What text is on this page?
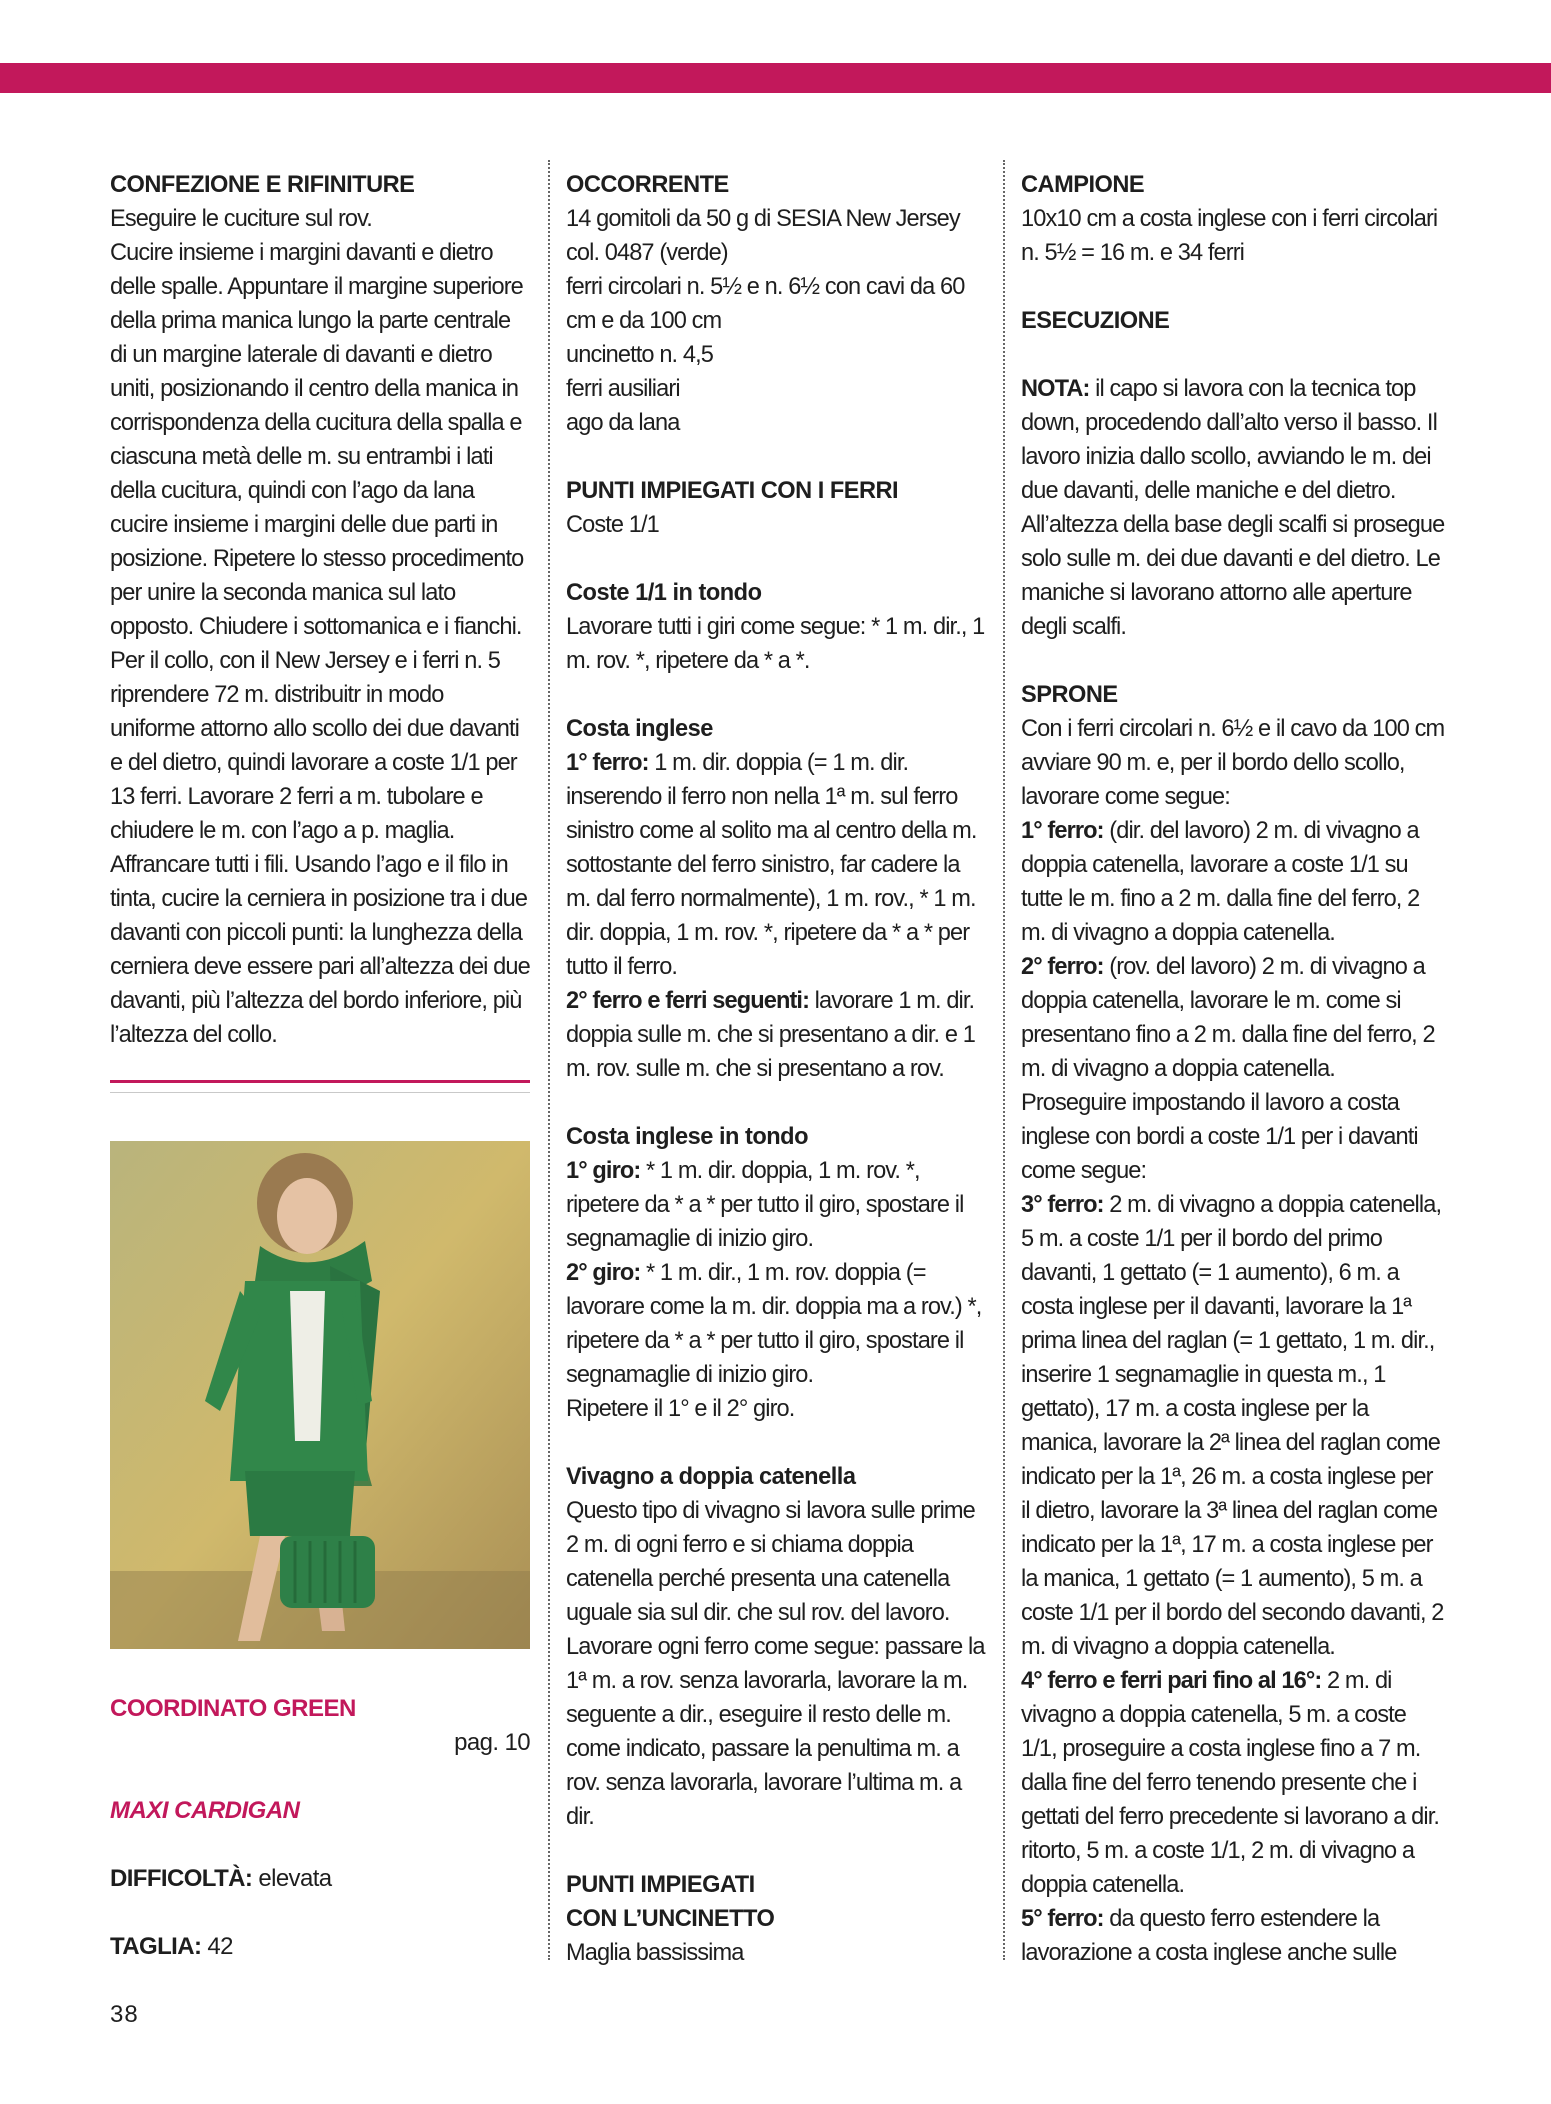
CONFEZIONE E RIFINITURE
Eseguire le cuciture sul rov.
Cucire insieme i margini davanti e dietro delle spalle. Appuntare il margine superiore della prima manica lungo la parte centrale di un margine laterale di davanti e dietro uniti, posizionando il centro della manica in corrispondenza della cucitura della spalla e ciascuna metà delle m. su entrambi i lati della cucitura, quindi con l’ago da lana cucire insieme i margini delle due parti in posizione. Ripetere lo stesso procedimento per unire la seconda manica sul lato opposto. Chiudere i sottomanica e i fianchi. Per il collo, con il New Jersey e i ferri n. 5 riprendere 72 m. distribuitr in modo uniforme attorno allo scollo dei due davanti e del dietro, quindi lavorare a coste 1/1 per 13 ferri. Lavorare 2 ferri a m. tubolare e chiudere le m. con l’ago a p. maglia. Affrancare tutti i fili. Usando l’ago e il filo in tinta, cucire la cerniera in posizione tra i due davanti con piccoli punti: la lunghezza della cerniera deve essere pari all’altezza dei due davanti, più l’altezza del bordo inferiore, più l’altezza del collo.
COORDINATO GREEN
pag. 10
MAXI CARDIGAN
DIFFICOLTÀ: elevata
TAGLIA: 42
OCCORRENTE
14 gomitoli da 50 g di SESIA New Jersey col. 0487 (verde)
ferri circolari n. 5½ e n. 6½ con cavi da 60 cm e da 100 cm
uncinetto n. 4,5
ferri ausiliari
ago da lana
PUNTI IMPIEGATI CON I FERRI
Coste 1/1
Coste 1/1 in tondo
Lavorare tutti i giri come segue: * 1 m. dir., 1 m. rov. *, ripetere da * a *.
Costa inglese
1° ferro: 1 m. dir. doppia (= 1 m. dir. inserendo il ferro non nella 1ª m. sul ferro sinistro come al solito ma al centro della m. sottostante del ferro sinistro, far cadere la m. dal ferro normalmente), 1 m. rov., * 1 m. dir. doppia, 1 m. rov. *, ripetere da * a * per tutto il ferro.
2° ferro e ferri seguenti: lavorare 1 m. dir. doppia sulle m. che si presentano a dir. e 1 m. rov. sulle m. che si presentano a rov.
Costa inglese in tondo
1° giro: * 1 m. dir. doppia, 1 m. rov. *, ripetere da * a * per tutto il giro, spostare il segnamaglie di inizio giro.
2° giro: * 1 m. dir., 1 m. rov. doppia (= lavorare come la m. dir. doppia ma a rov.) *, ripetere da * a * per tutto il giro, spostare il segnamaglie di inizio giro.
Ripetere il 1° e il 2° giro.
Vivagno a doppia catenella
Questo tipo di vivagno si lavora sulle prime 2 m. di ogni ferro e si chiama doppia catenella perché presenta una catenella uguale sia sul dir. che sul rov. del lavoro. Lavorare ogni ferro come segue: passare la 1ª m. a rov. senza lavorarla, lavorare la m. seguente a dir., eseguire il resto delle m. come indicato, passare la penultima m. a rov. senza lavorarla, lavorare l’ultima m. a dir.
PUNTI IMPIEGATI
CON L’UNCINETTO
Maglia bassissima
CAMPIONE
10x10 cm a costa inglese con i ferri circolari n. 5½ = 16 m. e 34 ferri
ESECUZIONE
NOTA: il capo si lavora con la tecnica top down, procedendo dall’alto verso il basso. Il lavoro inizia dallo scollo, avviando le m. dei due davanti, delle maniche e del dietro. All’altezza della base degli scalfi si prosegue solo sulle m. dei due davanti e del dietro. Le maniche si lavorano attorno alle aperture degli scalfi.
SPRONE
Con i ferri circolari n. 6½ e il cavo da 100 cm avviare 90 m. e, per il bordo dello scollo, lavorare come segue:
1° ferro: (dir. del lavoro) 2 m. di vivagno a doppia catenella, lavorare a coste 1/1 su tutte le m. fino a 2 m. dalla fine del ferro, 2 m. di vivagno a doppia catenella.
2° ferro: (rov. del lavoro) 2 m. di vivagno a doppia catenella, lavorare le m. come si presentano fino a 2 m. dalla fine del ferro, 2 m. di vivagno a doppia catenella.
Proseguire impostando il lavoro a costa inglese con bordi a coste 1/1 per i davanti come segue:
3° ferro: 2 m. di vivagno a doppia catenella, 5 m. a coste 1/1 per il bordo del primo davanti, 1 gettato (= 1 aumento), 6 m. a costa inglese per il davanti, lavorare la 1ª prima linea del raglan (= 1 gettato, 1 m. dir., inserire 1 segnamaglie in questa m., 1 gettato), 17 m. a costa inglese per la manica, lavorare la 2ª linea del raglan come indicato per la 1ª, 26 m. a costa inglese per il dietro, lavorare la 3ª linea del raglan come indicato per la 1ª, 17 m. a costa inglese per la manica, 1 gettato (= 1 aumento), 5 m. a coste 1/1 per il bordo del secondo davanti, 2 m. di vivagno a doppia catenella.
4° ferro e ferri pari fino al 16°: 2 m. di vivagno a doppia catenella, 5 m. a coste 1/1, proseguire a costa inglese fino a 7 m. dalla fine del ferro tenendo presente che i gettati del ferro precedente si lavorano a dir. ritorto, 5 m. a coste 1/1, 2 m. di vivagno a doppia catenella.
5° ferro: da questo ferro estendere la lavorazione a costa inglese anche sulle
38
